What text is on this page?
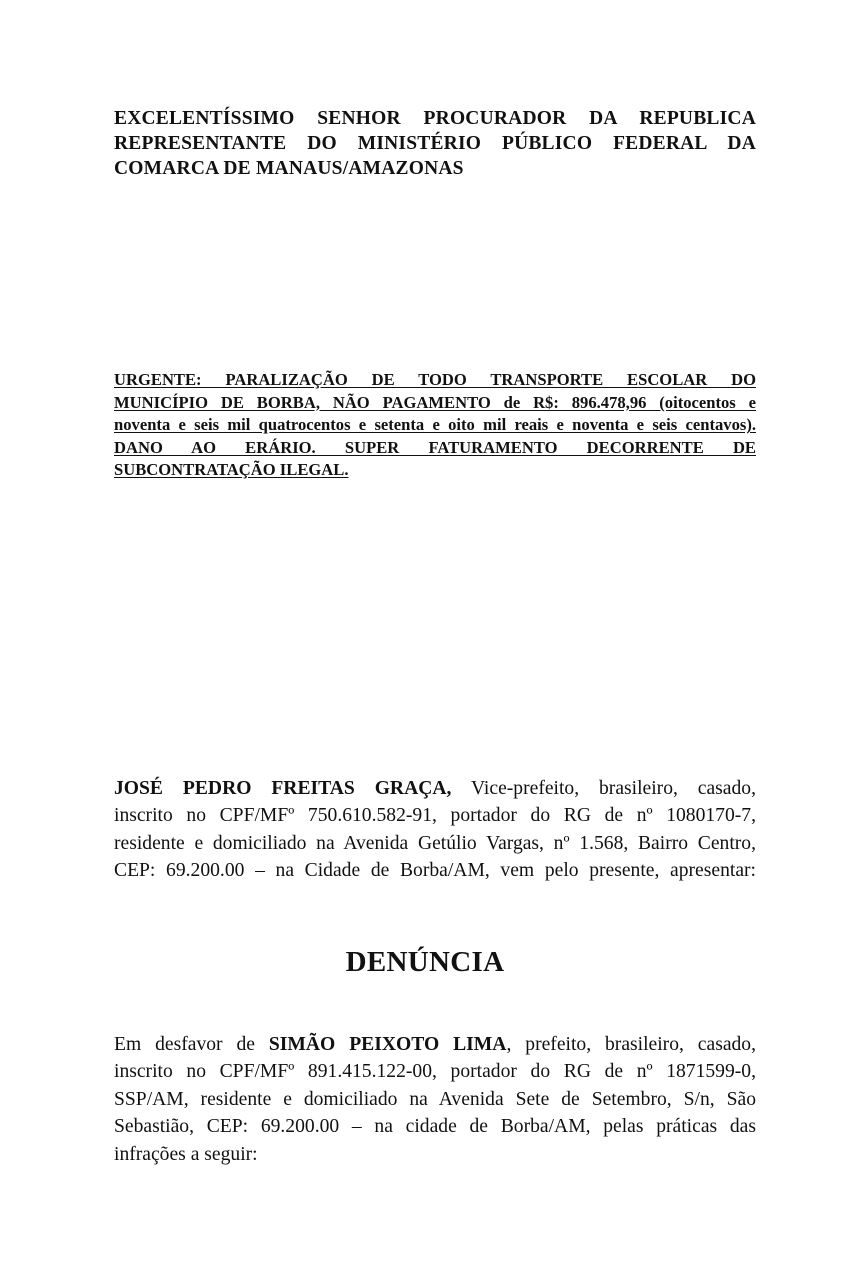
EXCELENTÍSSIMO SENHOR PROCURADOR DA REPUBLICA
REPRESENTANTE DO MINISTÉRIO PÚBLICO FEDERAL DA
COMARCA DE MANAUS/AMAZONAS
URGENTE: PARALIZAÇÃO DE TODO TRANSPORTE ESCOLAR DO
MUNICÍPIO DE BORBA, NÃO PAGAMENTO de R$: 896.478,96 (oitocentos e
noventa e seis mil quatrocentos e setenta e oito mil reais e noventa e seis centavos).
DANO AO ERÁRIO. SUPER FATURAMENTO DECORRENTE DE
SUBCONTRATAÇÃO ILEGAL.
JOSÉ PEDRO FREITAS GRAÇA, Vice-prefeito, brasileiro, casado,
inscrito no CPF/MFº 750.610.582-91, portador do RG de nº 1080170-7,
residente e domiciliado na Avenida Getúlio Vargas, nº 1.568, Bairro Centro,
CEP: 69.200.00 – na Cidade de Borba/AM, vem pelo presente, apresentar:
DENÚNCIA
Em desfavor de SIMÃO PEIXOTO LIMA, prefeito, brasileiro, casado,
inscrito no CPF/MFº 891.415.122-00, portador do RG de nº 1871599-0,
SSP/AM, residente e domiciliado na Avenida Sete de Setembro, S/n, São
Sebastião, CEP: 69.200.00 – na cidade de Borba/AM, pelas práticas das
infrações a seguir:
